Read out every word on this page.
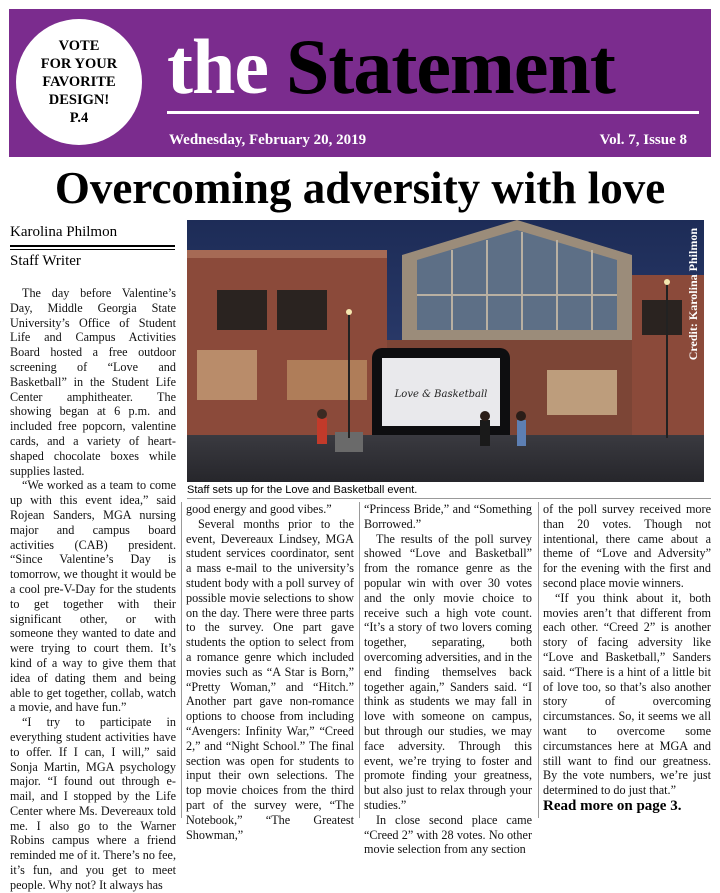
VOTE
FOR YOUR
FAVORITE
DESIGN!
P.4
the Statement
Wednesday, February 20, 2019	Vol. 7, Issue 8
Overcoming adversity with love
Karolina Philmon
Staff Writer
Love & Basketball
Credit: Karolina Philmon
Staff sets up for the Love and Basketball event.

The day before Valentine’s Day, Middle Georgia State University’s Office of Student Life and Campus Activities Board hosted a free outdoor screening of “Love and Basketball” in the Student Life Center amphitheater. The showing began at 6 p.m. and included free popcorn, valentine cards, and a variety of heart-shaped chocolate boxes while supplies lasted.

“We worked as a team to come up with this event idea,” said Rojean Sanders, MGA nursing major and campus board activities (CAB) president. “Since Valentine’s Day is tomorrow, we thought it would be a cool pre-V-Day for the students to get together with their significant other, or with someone they wanted to date and were trying to court them. It’s kind of a way to give them that idea of dating them and being able to get together, collab, watch a movie, and have fun.”

“I try to participate in everything student activities have to offer. If I can, I will,” said Sonja Martin, MGA psychology major. “I found out through e-mail, and I stopped by the Life Center where Ms. Devereaux told me. I also go to the Warner Robins campus where a friend reminded me of it. There’s no fee, it’s fun, and you get to meet people. Why not? It always has

good energy and good vibes.”

Several months prior to the event, Devereaux Lindsey, MGA student services coordinator, sent a mass e-mail to the university’s student body with a poll survey of possible movie selections to show on the day. There were three parts to the survey. One part gave students the option to select from a romance genre which included movies such as “A Star is Born,” “Pretty Woman,” and “Hitch.” Another part gave non-romance options to choose from including “Avengers: Infinity War,” “Creed 2,” and “Night School.” The final section was open for students to input their own selections. The top movie choices from the third part of the survey were, “The Notebook,” “The Greatest Showman,”

“Princess Bride,” and “Something Borrowed.”

The results of the poll survey showed “Love and Basketball” from the romance genre as the popular win with over 30 votes and the only movie choice to receive such a high vote count. “It’s a story of two lovers coming together, separating, both overcoming adversities, and in the end finding themselves back together again,” Sanders said. “I think as students we may fall in love with someone on campus, but through our studies, we may face adversity. Through this event, we’re trying to foster and promote finding your greatness, but also just to relax through your studies.”

In close second place came “Creed 2” with 28 votes. No other movie selection from any section

of the poll survey received more than 20 votes. Though not intentional, there came about a theme of “Love and Adversity” for the evening with the first and second place movie winners.

“If you think about it, both movies aren’t that different from each other. “Creed 2” is another story of facing adversity like “Love and Basketball,” Sanders said. “There is a hint of a little bit of love too, so that’s also another story of overcoming circumstances. So, it seems we all want to overcome some circumstances here at MGA and still want to find our greatness. By the vote numbers, we’re just determined to do just that.”

Read more on page 3.
